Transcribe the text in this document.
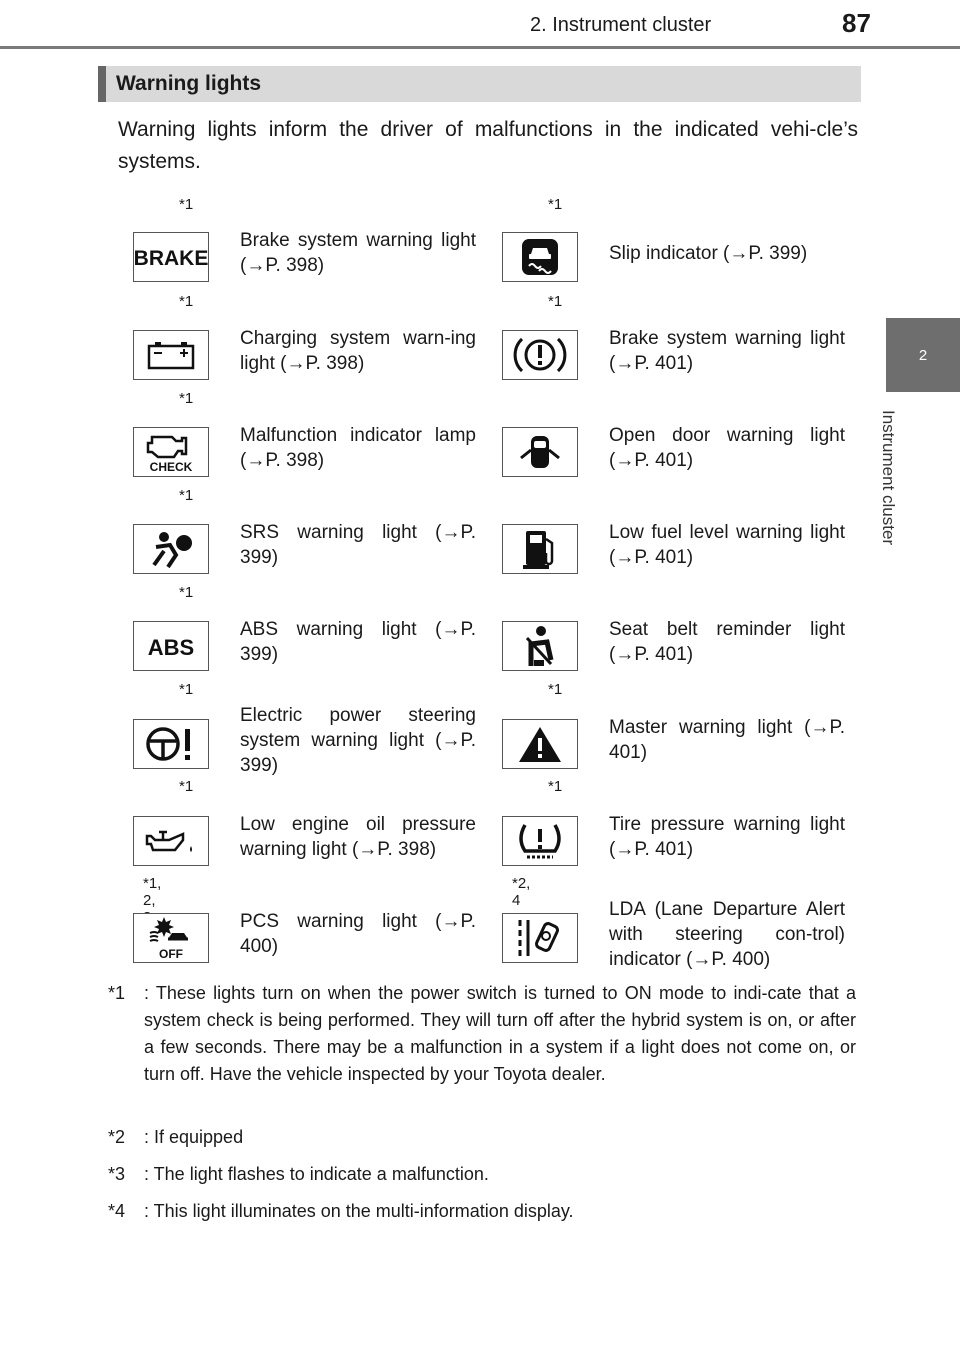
2. Instrument cluster	87
2
Instrument cluster
Warning lights
Warning lights inform the driver of malfunctions in the indicated vehi-cle’s systems.
*1
BRAKE
Brake system warning light (→P. 398)
*1
Slip indicator (→P. 399)
*1
Charging system warn-ing light (→P. 398)
*1
Brake system warning light (→P. 401)
*1
CHECK
Malfunction indicator lamp (→P. 398)
Open door warning light (→P. 401)
*1
SRS warning light (→P. 399)
Low fuel level warning light (→P. 401)
*1
ABS
ABS warning light (→P. 399)
Seat belt reminder light (→P. 401)
*1
Electric power steering system warning light (→P. 399)
*1
Master warning light (→P. 401)
*1
Low engine oil pressure warning light (→P. 398)
*1
Tire pressure warning light (→P. 401)
*1, 2,
OFF
PCS warning light (→P. 400)
*2, 4	LDA (Lane Departure Alert with steering con-trol) indicator (→P. 400)
*1 : These lights turn on when the power switch is turned to ON mode to indi-cate that a system check is being performed. They will turn off after the hybrid system is on, or after a few seconds. There may be a malfunction in a system if a light does not come on, or turn off. Have the vehicle inspected by your Toyota dealer.
*2 : If equipped
*3 : The light flashes to indicate a malfunction.
*4 : This light illuminates on the multi-information display.
